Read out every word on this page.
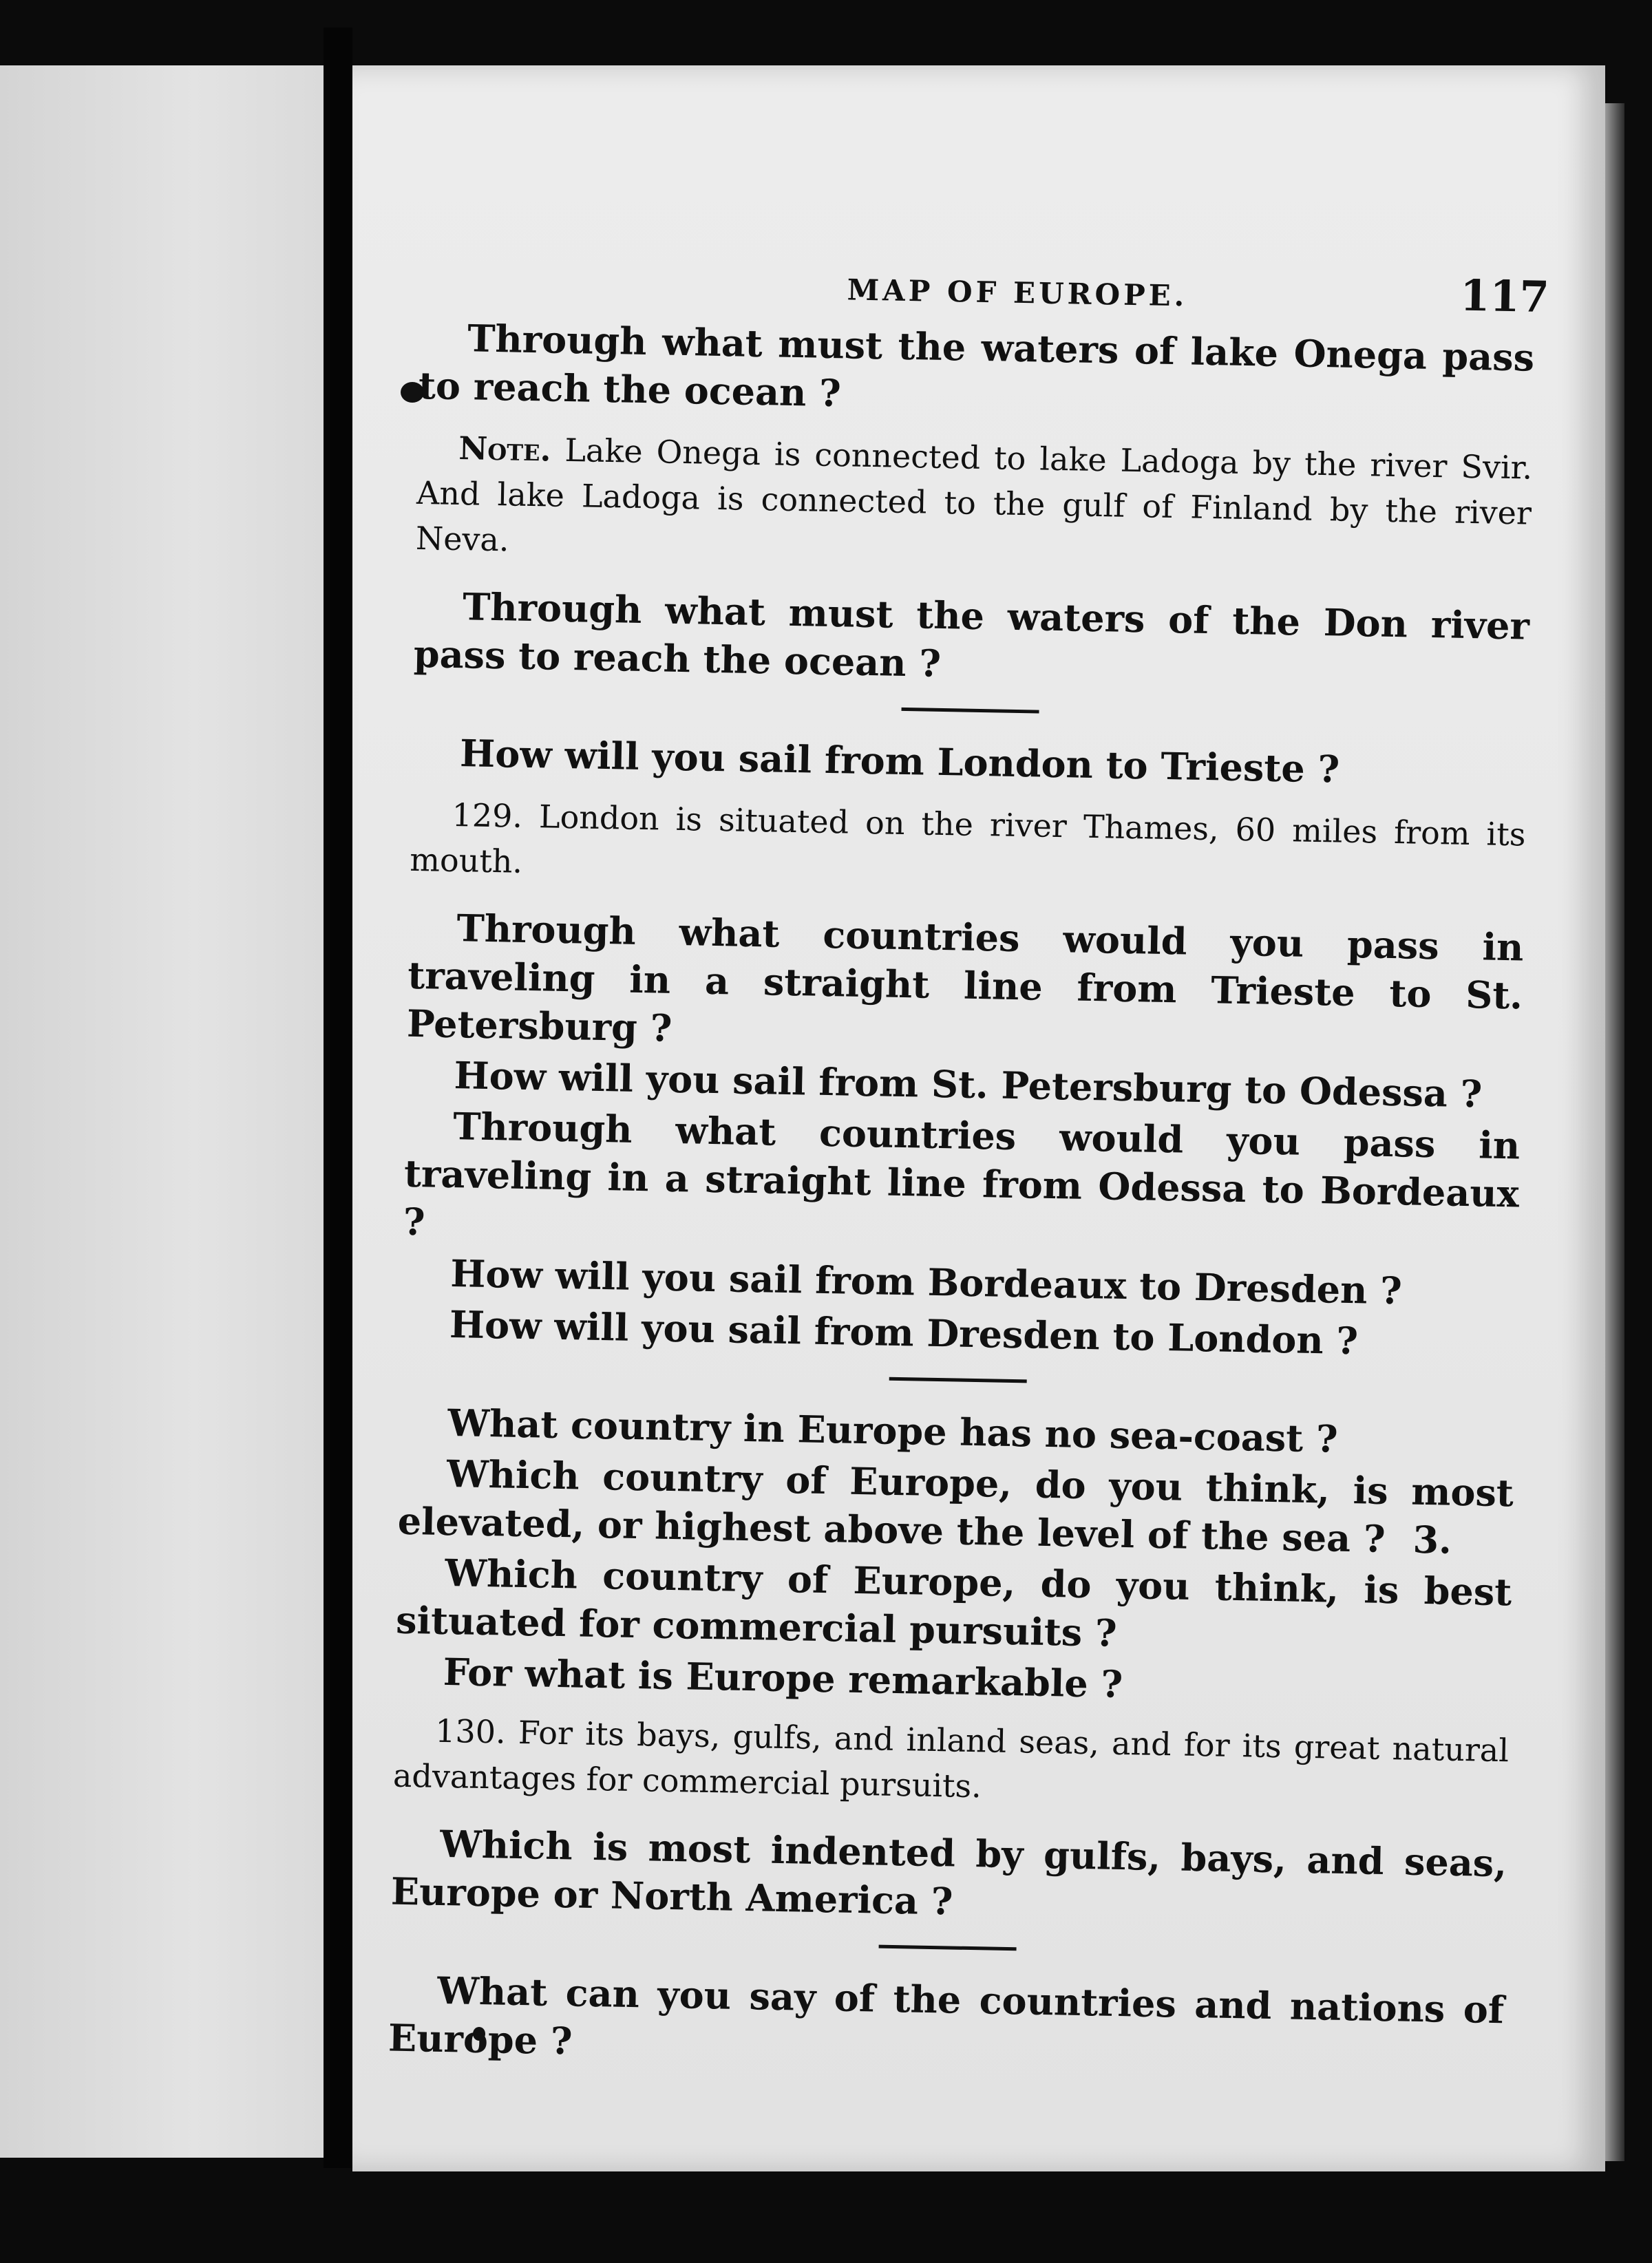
MAP OF EUROPE.	117

Through what must the waters of lake Onega pass to reach the ocean ?

Note. Lake Onega is connected to lake Ladoga by the river Svir. And lake Ladoga is connected to the gulf of Finland by the river Neva.

Through what must the waters of the Don river pass to reach the ocean ?

How will you sail from London to Trieste ?

129. London is situated on the river Thames, 60 miles from its mouth.

Through what countries would you pass in traveling in a straight line from Trieste to St. Petersburg ?

How will you sail from St. Petersburg to Odessa ?

Through what countries would you pass in traveling in a straight line from Odessa to Bordeaux ?

How will you sail from Bordeaux to Dresden ?

How will you sail from Dresden to London ?

What country in Europe has no sea-coast ?

Which country of Europe, do you think, is most elevated, or highest above the level of the sea ? 3.

Which country of Europe, do you think, is best situated for commercial pursuits ?

For what is Europe remarkable ?

130. For its bays, gulfs, and inland seas, and for its great natural advantages for commercial pursuits.

Which is most indented by gulfs, bays, and seas, Europe or North America ?

What can you say of the countries and nations of Europe ?
